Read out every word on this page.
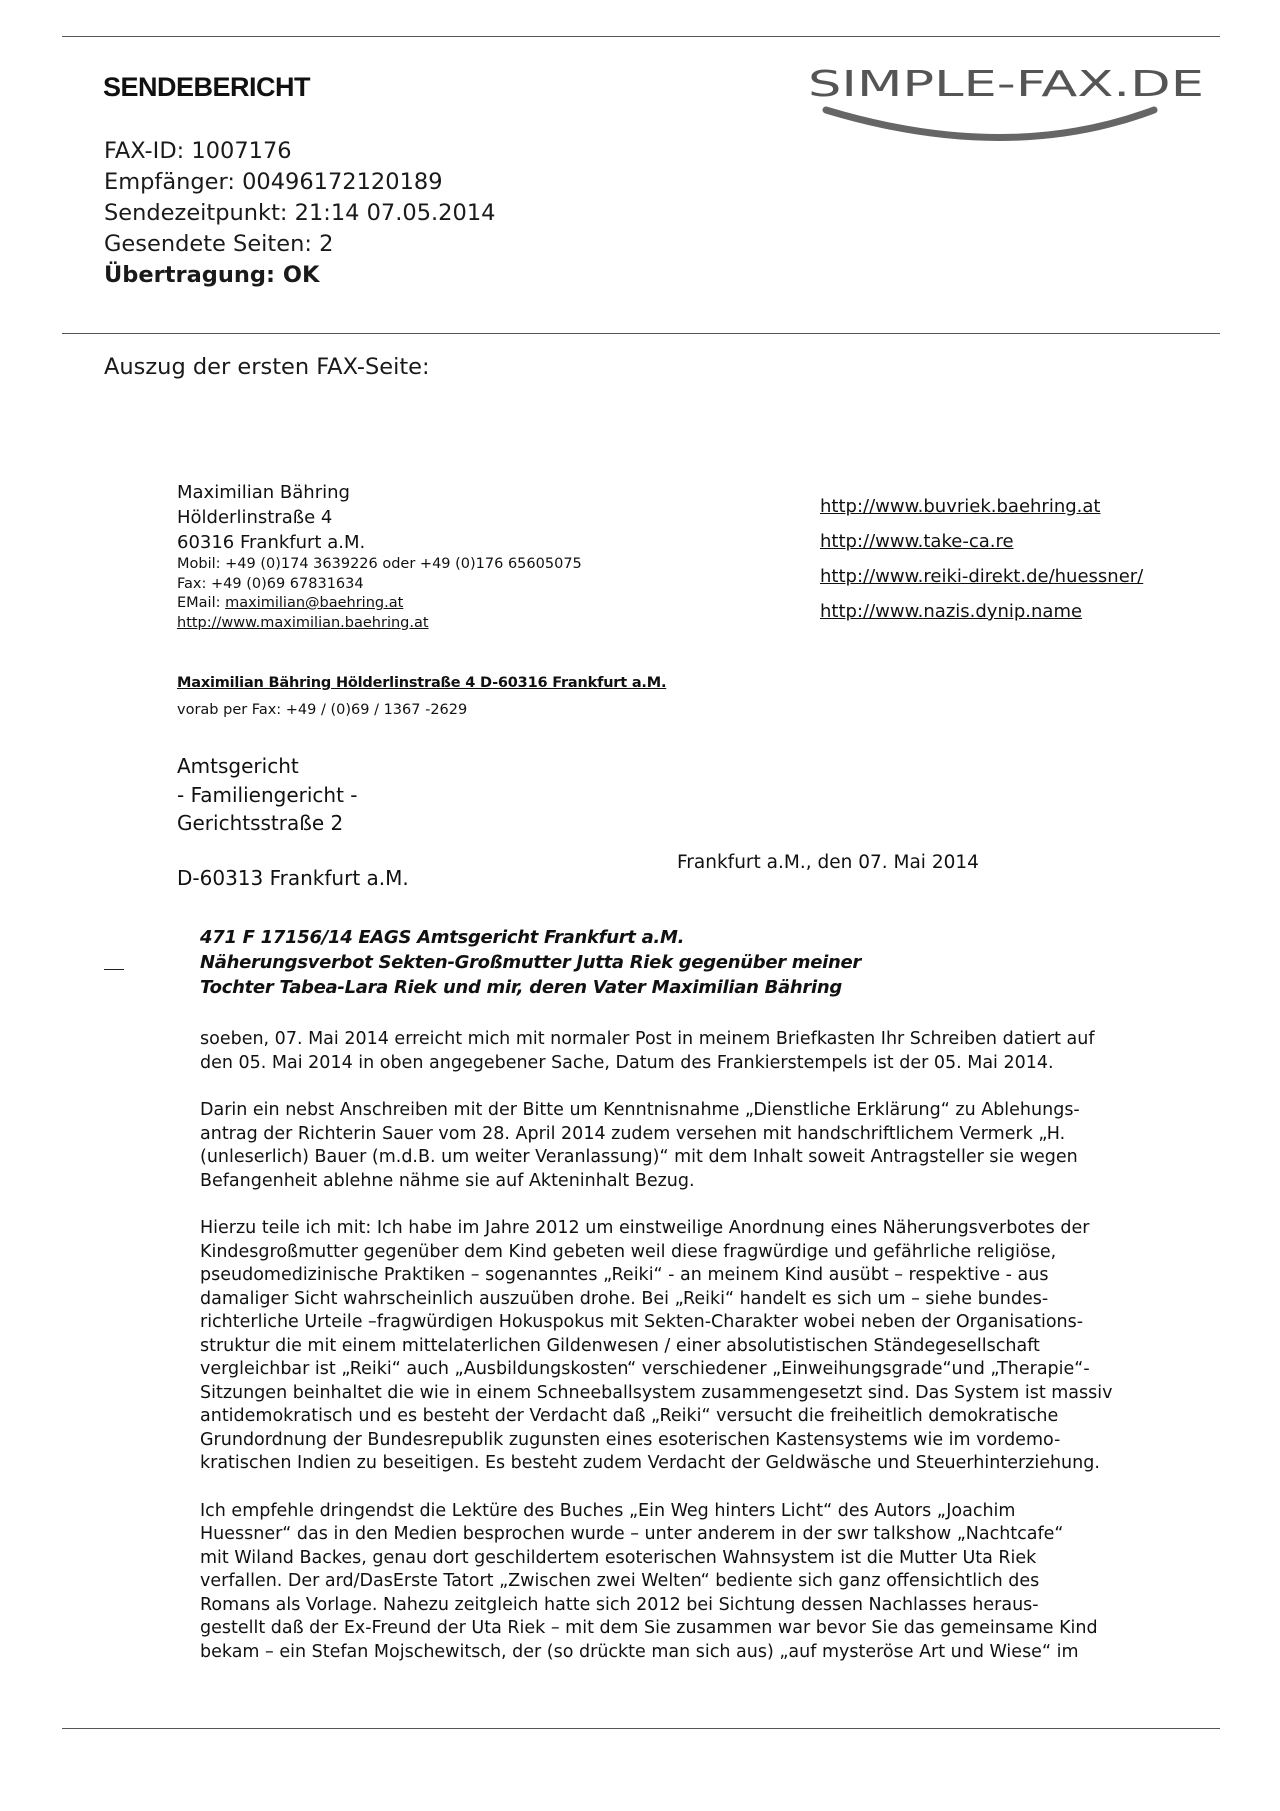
SENDEBERICHT
FAX-ID: 1007176
Empfänger: 00496172120189
Sendezeitpunkt: 21:14 07.05.2014
Gesendete Seiten: 2
Übertragung: OK
SIMPLE-FAX.DE
Auszug der ersten FAX-Seite:
Maximilian Bähring
Hölderlinstraße 4
60316 Frankfurt a.M.
Mobil: +49 (0)174 3639226 oder +49 (0)176 65605075
Fax: +49 (0)69 67831634
EMail: maximilian@baehring.at
http://www.maximilian.baehring.at
http://www.buvriek.baehring.at
http://www.take-ca.re
http://www.reiki-direkt.de/huessner/
http://www.nazis.dynip.name
Maximilian Bähring Hölderlinstraße 4 D-60316 Frankfurt a.M.
vorab per Fax: +49 / (0)69 / 1367 -2629
Amtsgericht
- Familiengericht -
Gerichtsstraße 2
D-60313 Frankfurt a.M.
Frankfurt a.M., den 07. Mai 2014
471 F 17156/14 EAGS Amtsgericht Frankfurt a.M.
Näherungsverbot Sekten-Großmutter Jutta Riek gegenüber meiner
Tochter Tabea-Lara Riek und mir, deren Vater Maximilian Bähring

soeben, 07. Mai 2014 erreicht mich mit normaler Post in meinem Briefkasten Ihr Schreiben datiert auf
den 05. Mai 2014 in oben angegebener Sache, Datum des Frankierstempels ist der 05. Mai 2014.

Darin ein nebst Anschreiben mit der Bitte um Kenntnisnahme „Dienstliche Erklärung“ zu Ablehungs-
antrag der Richterin Sauer vom 28. April 2014 zudem versehen mit handschriftlichem Vermerk „H.
(unleserlich) Bauer (m.d.B. um weiter Veranlassung)“ mit dem Inhalt soweit Antragsteller sie wegen
Befangenheit ablehne nähme sie auf Akteninhalt Bezug.

Hierzu teile ich mit: Ich habe im Jahre 2012 um einstweilige Anordnung eines Näherungsverbotes der
Kindesgroßmutter gegenüber dem Kind gebeten weil diese fragwürdige und gefährliche religiöse,
pseudomedizinische Praktiken – sogenanntes „Reiki“ - an meinem Kind ausübt – respektive - aus
damaliger Sicht wahrscheinlich auszuüben drohe. Bei „Reiki“ handelt es sich um – siehe bundes-
richterliche Urteile –fragwürdigen Hokuspokus mit Sekten-Charakter wobei neben der Organisations-
struktur die mit einem mittelaterlichen Gildenwesen / einer absolutistischen Ständegesellschaft
vergleichbar ist „Reiki“ auch „Ausbildungskosten“ verschiedener „Einweihungsgrade“und „Therapie“-
Sitzungen beinhaltet die wie in einem Schneeballsystem zusammengesetzt sind. Das System ist massiv
antidemokratisch und es besteht der Verdacht daß „Reiki“ versucht die freiheitlich demokratische
Grundordnung der Bundesrepublik zugunsten eines esoterischen Kastensystems wie im vordemo-
kratischen Indien zu beseitigen. Es besteht zudem Verdacht der Geldwäsche und Steuerhinterziehung.

Ich empfehle dringendst die Lektüre des Buches „Ein Weg hinters Licht“ des Autors „Joachim
Huessner“ das in den Medien besprochen wurde – unter anderem in der swr talkshow „Nachtcafe“
mit Wiland Backes, genau dort geschildertem esoterischen Wahnsystem ist die Mutter Uta Riek
verfallen. Der ard/DasErste Tatort „Zwischen zwei Welten“ bediente sich ganz offensichtlich des
Romans als Vorlage. Nahezu zeitgleich hatte sich 2012 bei Sichtung dessen Nachlasses heraus-
gestellt daß der Ex-Freund der Uta Riek – mit dem Sie zusammen war bevor Sie das gemeinsame Kind
bekam – ein Stefan Mojschewitsch, der (so drückte man sich aus) „auf mysteröse Art und Wiese“ im
